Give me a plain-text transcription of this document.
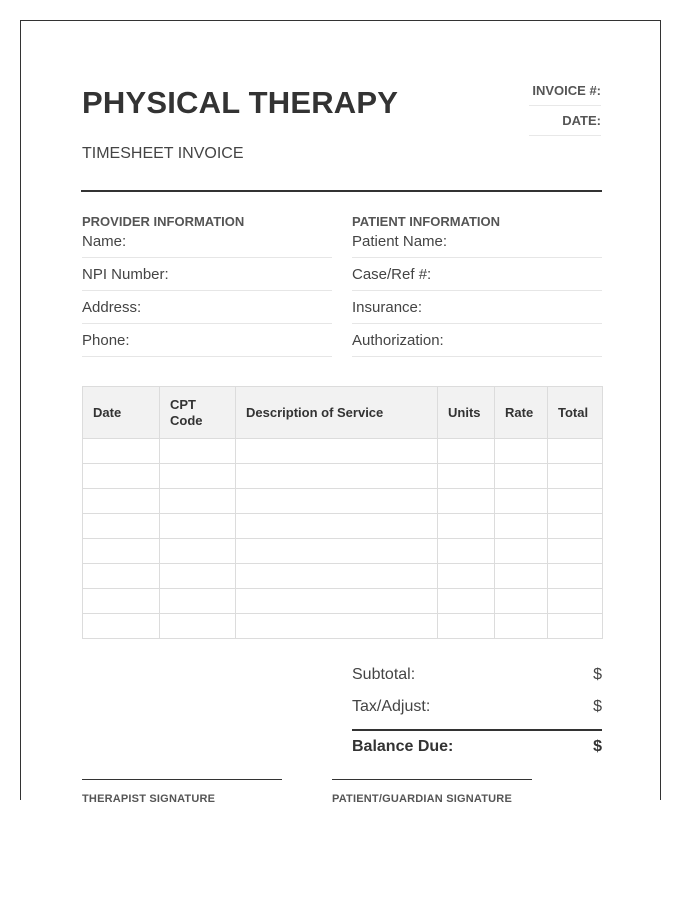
PHYSICAL THERAPY
TIMESHEET INVOICE
INVOICE #:
DATE:
PROVIDER INFORMATION
Name:
NPI Number:
Address:
Phone:
PATIENT INFORMATION
Patient Name:
Case/Ref #:
Insurance:
Authorization:
Date	CPT Code	Description of Service	Units	Rate	Total

Subtotal:	$
Tax/Adjust:	$
Balance Due:	$
THERAPIST SIGNATURE	PATIENT/GUARDIAN SIGNATURE
